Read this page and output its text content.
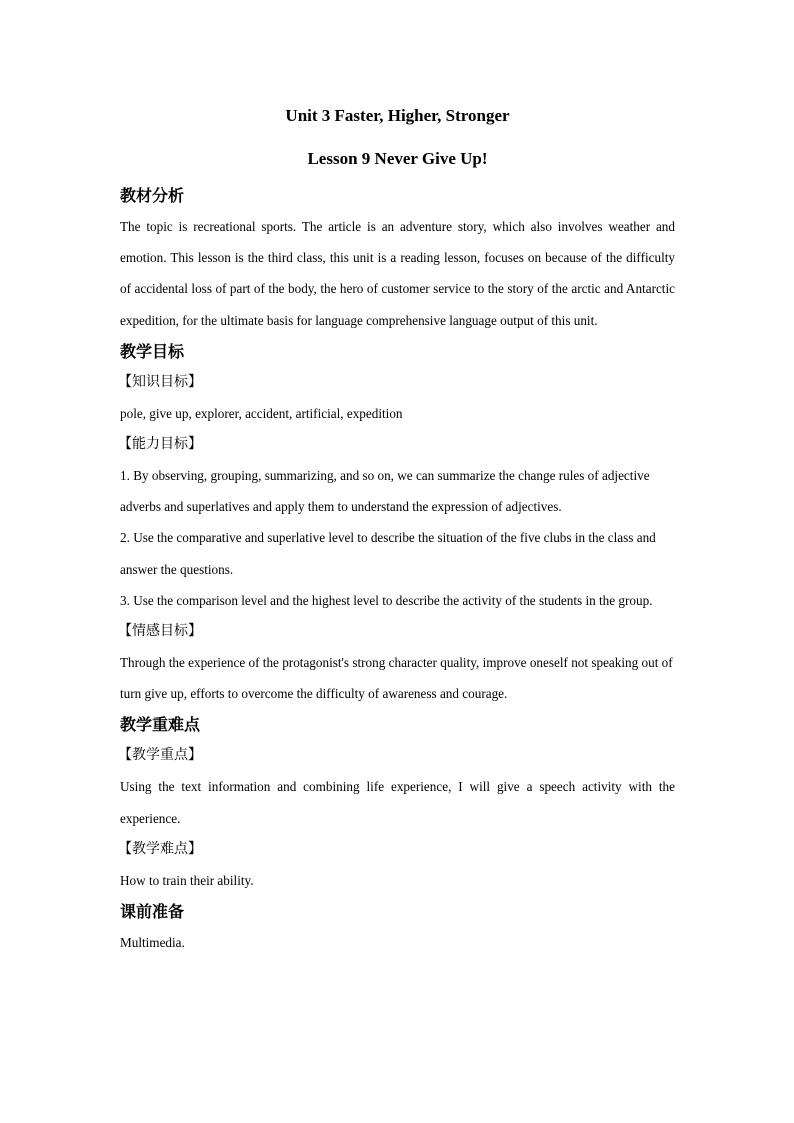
Unit 3 Faster, Higher, Stronger
Lesson 9 Never Give Up!
教材分析

The topic is recreational sports. The article is an adventure story, which also involves weather and emotion. This lesson is the third class, this unit is a reading lesson, focuses on because of the difficulty of accidental loss of part of the body, the hero of customer service to the story of the arctic and Antarctic expedition, for the ultimate basis for language comprehensive language output of this unit.

教学目标
【知识目标】

pole, give up, explorer, accident, artificial, expedition

【能力目标】

1. By observing, grouping, summarizing, and so on, we can summarize the change rules of adjective adverbs and superlatives and apply them to understand the expression of adjectives.

2. Use the comparative and superlative level to describe the situation of the five clubs in the class and answer the questions.

3. Use the comparison level and the highest level to describe the activity of the students in the group.

【情感目标】

Through the experience of the protagonist's strong character quality, improve oneself not speaking out of turn give up, efforts to overcome the difficulty of awareness and courage.

教学重难点
【教学重点】

Using the text information and combining life experience, I will give a speech activity with the experience.

【教学难点】

How to train their ability.

课前准备

Multimedia.
